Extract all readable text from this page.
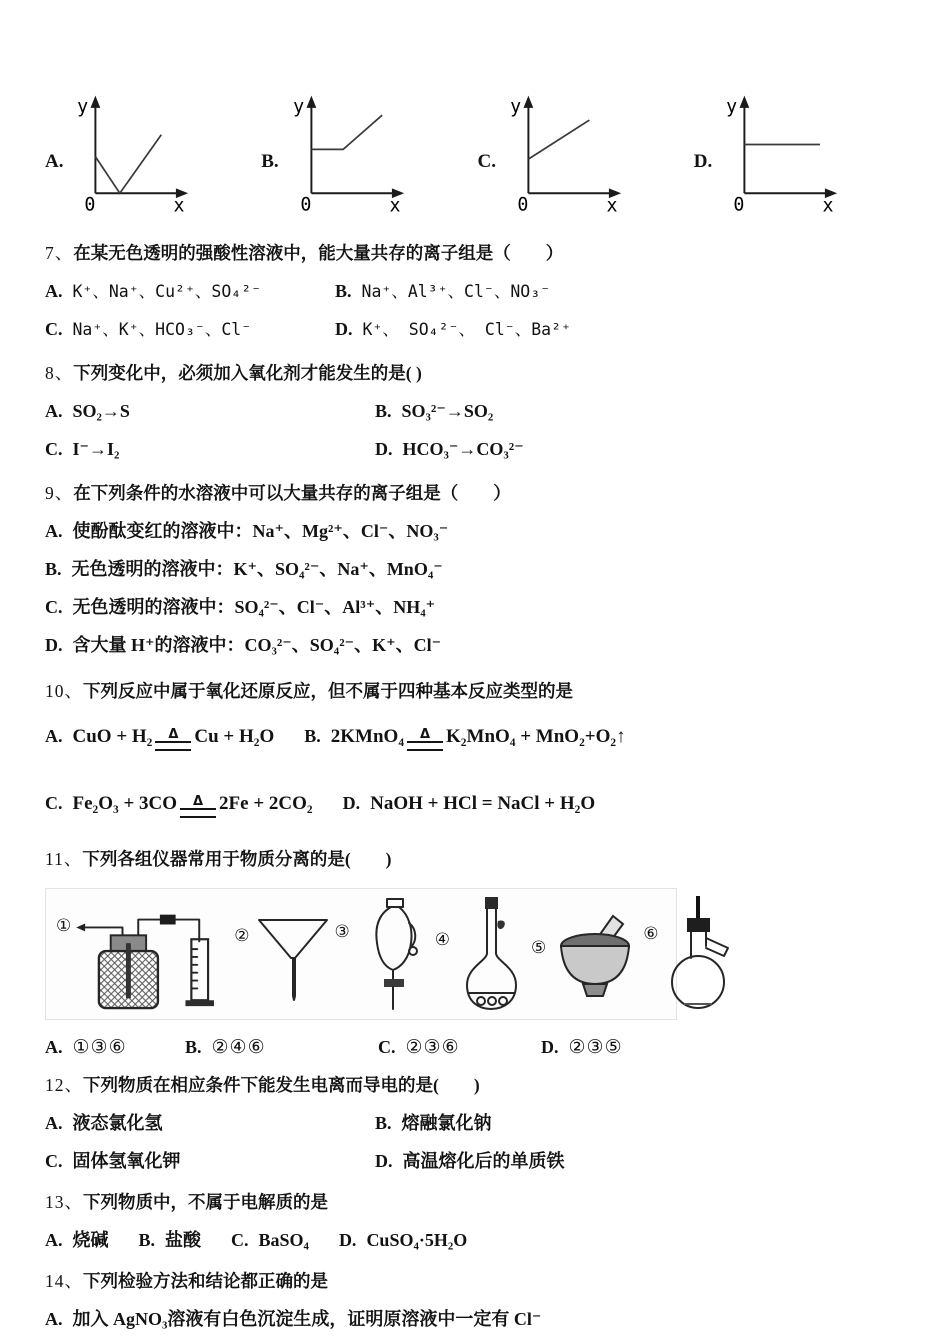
A.
y
x
0
B.
y
x
0
C.
y
x
0
D.
y
x
0
7、在某无色透明的强酸性溶液中，能大量共存的离子组是（　　）
A. K⁺、Na⁺、Cu²⁺、SO₄²⁻	B. Na⁺、Al³⁺、Cl⁻、NO₃⁻
C. Na⁺、K⁺、HCO₃⁻、Cl⁻	D. K⁺、 SO₄²⁻、 Cl⁻、Ba²⁺
8、下列变化中，必须加入氧化剂才能发生的是( )
A. SO₂→S	B. SO₃²⁻→SO₂
C. I⁻→I₂	D. HCO₃⁻→CO₃²⁻
9、在下列条件的水溶液中可以大量共存的离子组是（　　）
A. 使酚酞变红的溶液中：Na⁺、Mg²⁺、Cl⁻、NO₃⁻
B. 无色透明的溶液中：K⁺、SO₄²⁻、Na⁺、MnO₄⁻
C. 无色透明的溶液中：SO₄²⁻、Cl⁻、Al³⁺、NH₄⁺
D. 含大量 H⁺的溶液中：CO₃²⁻、SO₄²⁻、K⁺、Cl⁻
10、下列反应中属于氧化还原反应，但不属于四种基本反应类型的是
A. CuO + H₂ Δ Cu + H₂O B. 2KMnO₄ Δ K₂MnO₄ + MnO₂+O₂↑
C. Fe₂O₃ + 3CO Δ 2Fe + 2CO₂ D. NaOH + HCl = NaCl + H₂O
11、下列各组仪器常用于物质分离的是(　　)
①	②	③	④	⑤
⑥
A. ①③⑥	B. ②④⑥	C. ②③⑥	D. ②③⑤
12、下列物质在相应条件下能发生电离而导电的是(　　)
A. 液态氯化氢	B. 熔融氯化钠
C. 固体氢氧化钾	D. 高温熔化后的单质铁
13、下列物质中，不属于电解质的是
A. 烧碱 B. 盐酸 C. BaSO₄ D. CuSO₄·5H₂O
14、下列检验方法和结论都正确的是
A. 加入 AgNO₃溶液有白色沉淀生成，证明原溶液中一定有 Cl⁻
